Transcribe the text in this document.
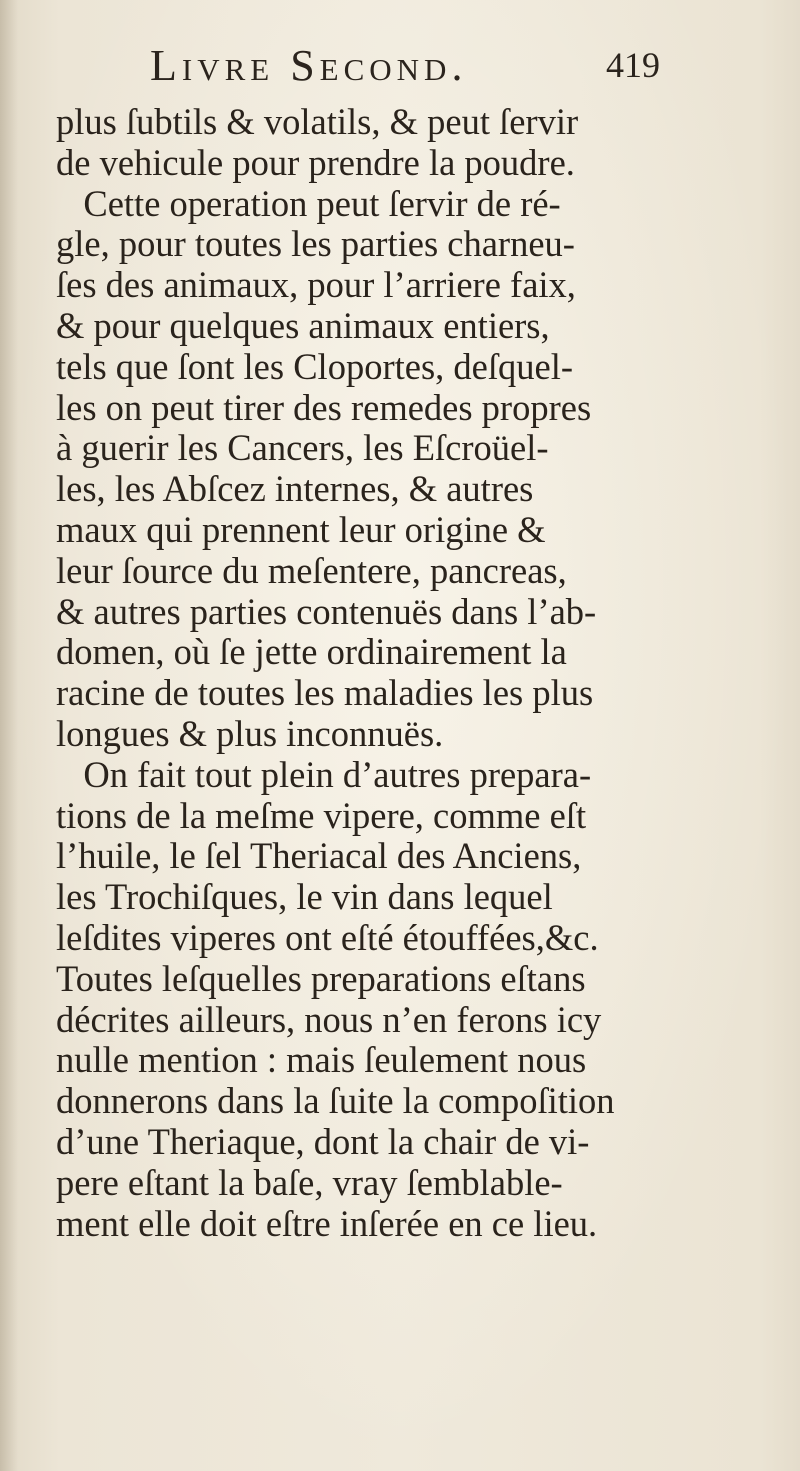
Livre Second.	419
plus ſubtils & volatils, & peut ſervir
de vehicule pour prendre la poudre.
Cette operation peut ſervir de ré-
gle, pour toutes les parties charneu-
ſes des animaux, pour l’arriere faix,
& pour quelques animaux entiers,
tels que ſont les Cloportes, deſquel-
les on peut tirer des remedes propres
à guerir les Cancers, les Eſcroüel-
les, les Abſcez internes, & autres
maux qui prennent leur origine &
leur ſource du meſentere, pancreas,
& autres parties contenuës dans l’ab-
domen, où ſe jette ordinairement la
racine de toutes les maladies les plus
longues & plus inconnuës.
On fait tout plein d’autres prepara-
tions de la meſme vipere, comme eſt
l’huile, le ſel Theriacal des Anciens,
les Trochiſques, le vin dans lequel
leſdites viperes ont eſté étouffées,&c.
Toutes leſquelles preparations eſtans
décrites ailleurs, nous n’en ferons icy
nulle mention : mais ſeulement nous
donnerons dans la ſuite la compoſition
d’une Theriaque, dont la chair de vi-
pere eſtant la baſe, vray ſemblable-
ment elle doit eſtre inſerée en ce lieu.
